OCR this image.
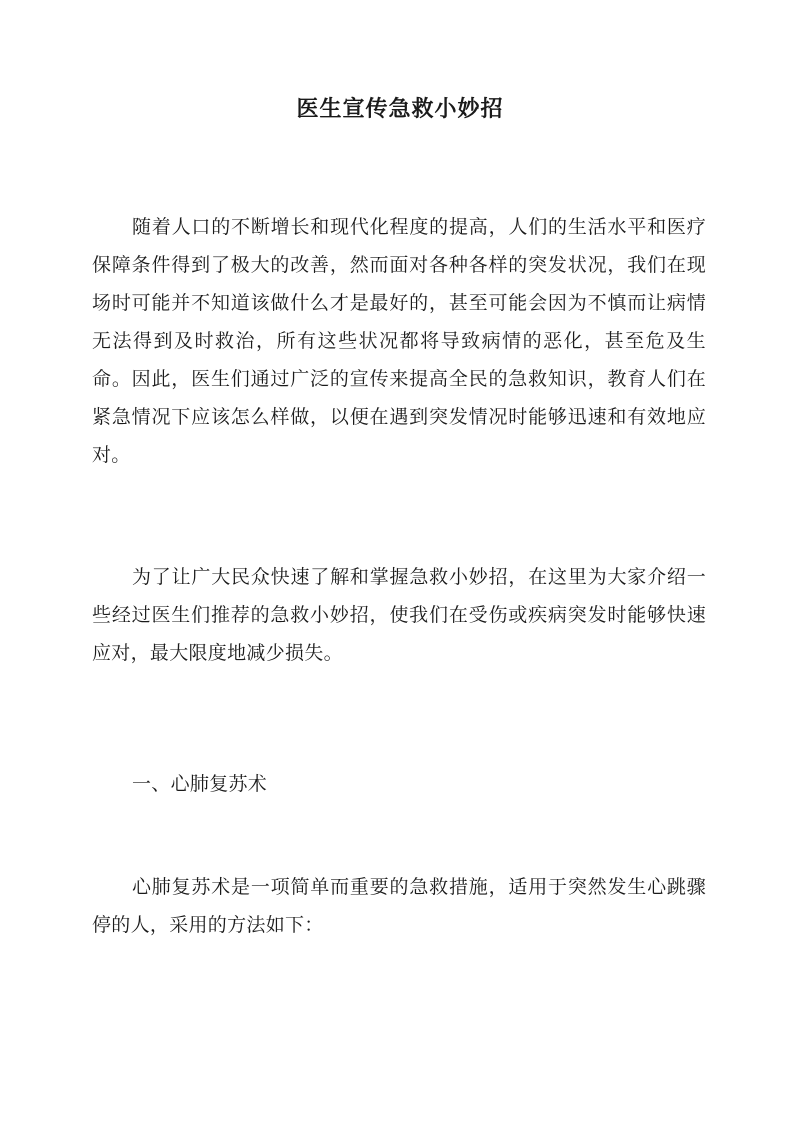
医生宣传急救小妙招

随着人口的不断增长和现代化程度的提高，人们的生活水平和医疗保障条件得到了极大的改善，然而面对各种各样的突发状况，我们在现场时可能并不知道该做什么才是最好的，甚至可能会因为不慎而让病情无法得到及时救治，所有这些状况都将导致病情的恶化，甚至危及生命。因此，医生们通过广泛的宣传来提高全民的急救知识，教育人们在紧急情况下应该怎么样做，以便在遇到突发情况时能够迅速和有效地应对。

为了让广大民众快速了解和掌握急救小妙招，在这里为大家介绍一些经过医生们推荐的急救小妙招，使我们在受伤或疾病突发时能够快速应对，最大限度地减少损失。

一、心肺复苏术

心肺复苏术是一项简单而重要的急救措施，适用于突然发生心跳骤停的人，采用的方法如下：
